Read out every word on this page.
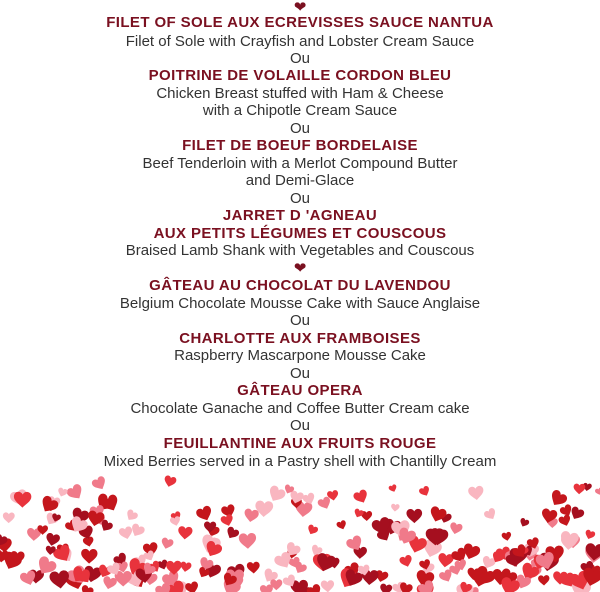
❤
FILET OF SOLE AUX ECREVISSES SAUCE NANTUA
Filet of Sole with Crayfish and Lobster Cream Sauce
Ou
POITRINE DE VOLAILLE CORDON BLEU
Chicken Breast stuffed with Ham & Cheese
with a Chipotle Cream Sauce
Ou
FILET DE BOEUF BORDELAISE
Beef Tenderloin with a Merlot Compound Butter
and Demi-Glace
Ou
JARRET D 'AGNEAU
AUX PETITS LÉGUMES ET COUSCOUS
Braised Lamb Shank with Vegetables and Couscous
❤
GÂTEAU AU CHOCOLAT DU LAVENDOU
Belgium Chocolate Mousse Cake with Sauce Anglaise
Ou
CHARLOTTE AUX FRAMBOISES
Raspberry Mascarpone Mousse Cake
Ou
GÂTEAU OPERA
Chocolate Ganache and Coffee Butter Cream cake
Ou
FEUILLANTINE AUX FRUITS ROUGE
Mixed Berries served in a Pastry shell with Chantilly Cream
